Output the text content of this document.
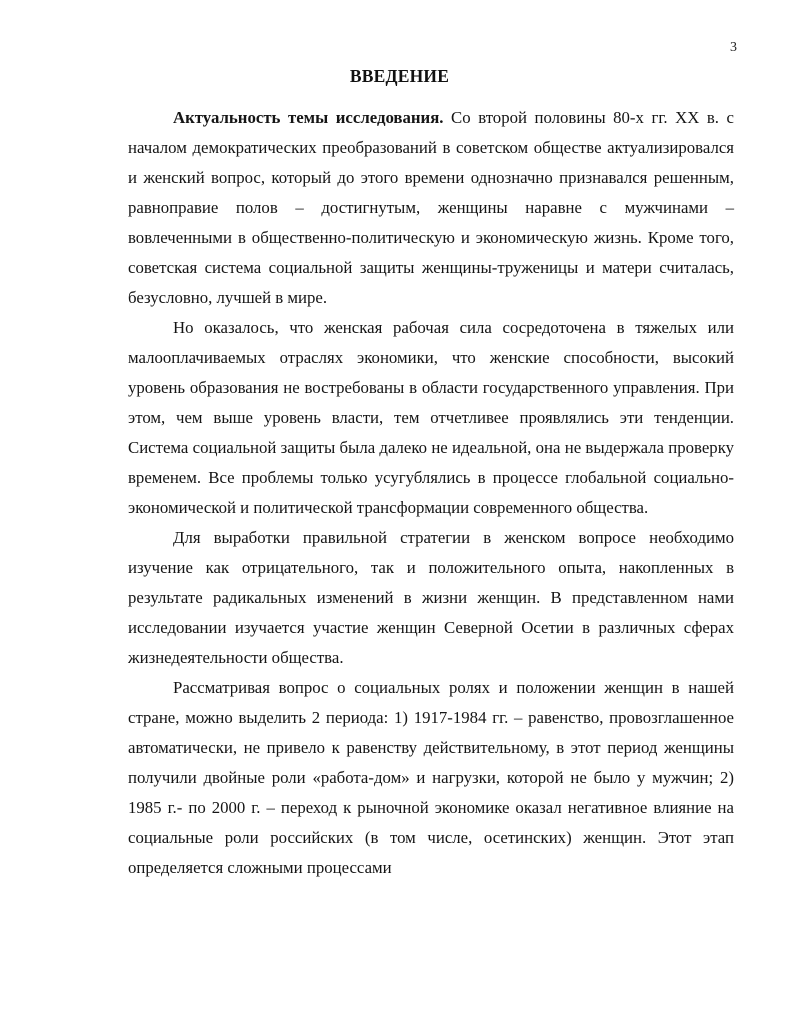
3
ВВЕДЕНИЕ

Актуальность темы исследования. Со второй половины 80-х гг. XX в. с началом демократических преобразований в советском обществе актуализировался и женский вопрос, который до этого времени однозначно признавался решенным, равноправие полов – достигнутым, женщины наравне с мужчинами – вовлеченными в общественно-политическую и экономическую жизнь. Кроме того, советская система социальной защиты женщины-труженицы и матери считалась, безусловно, лучшей в мире.

Но оказалось, что женская рабочая сила сосредоточена в тяжелых или малооплачиваемых отраслях экономики, что женские способности, высокий уровень образования не востребованы в области государственного управления. При этом, чем выше уровень власти, тем отчетливее проявлялись эти тенденции. Система социальной защиты была далеко не идеальной, она не выдержала проверку временем. Все проблемы только усугублялись в процессе глобальной социально-экономической и политической трансформации современного общества.

Для выработки правильной стратегии в женском вопросе необходимо изучение как отрицательного, так и положительного опыта, накопленных в результате радикальных изменений в жизни женщин. В представленном нами исследовании изучается участие женщин Северной Осетии в различных сферах жизнедеятельности общества.

Рассматривая вопрос о социальных ролях и положении женщин в нашей стране, можно выделить 2 периода: 1) 1917-1984 гг. – равенство, провозглашенное автоматически, не привело к равенству действительному, в этот период женщины получили двойные роли «работа-дом» и нагрузки, которой не было у мужчин; 2) 1985 г.- по 2000 г. – переход к рыночной экономике оказал негативное влияние на социальные роли российских (в том числе, осетинских) женщин. Этот этап определяется сложными процессами
